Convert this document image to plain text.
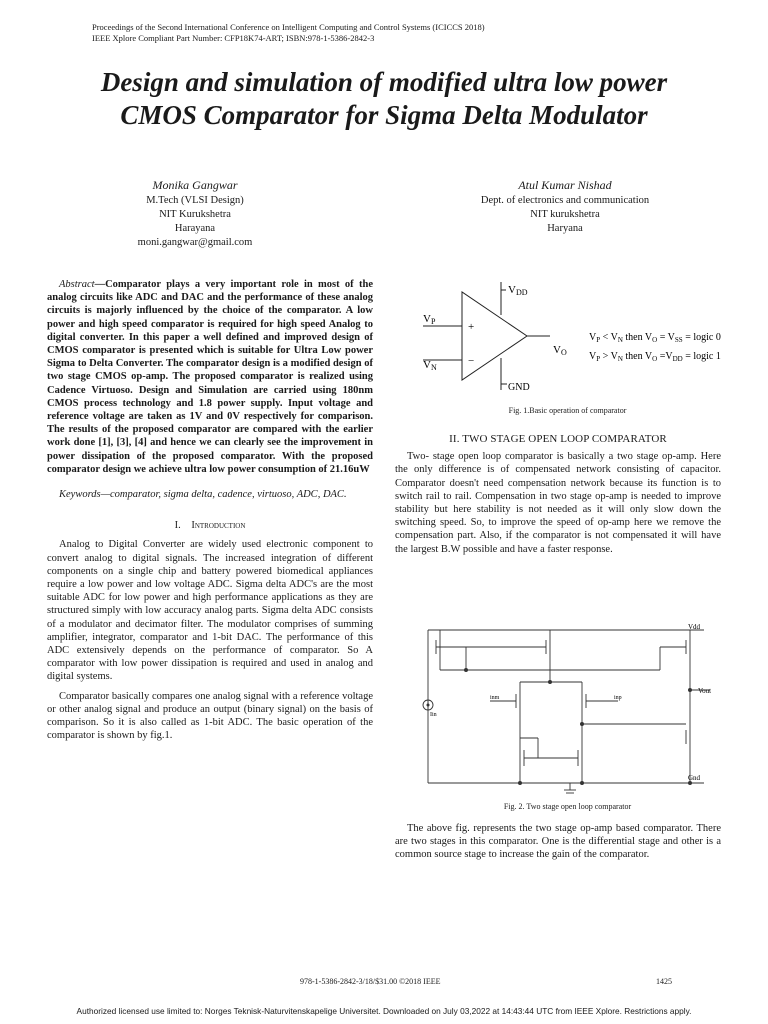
Proceedings of the Second International Conference on Intelligent Computing and Control Systems (ICICCS 2018)
IEEE Xplore Compliant Part Number: CFP18K74-ART; ISBN:978-1-5386-2842-3
Design and simulation of modified ultra low power
CMOS Comparator for Sigma Delta Modulator
Monika Gangwar
M.Tech (VLSI Design)
NIT Kurukshetra
Harayana
moni.gangwar@gmail.com
Atul Kumar Nishad
Dept. of electronics and communication
NIT kurukshetra
Haryana

Abstract—Comparator plays a very important role in most of the analog circuits like ADC and DAC and the performance of these analog circuits is majorly influenced by the choice of the comparator. A low power and high speed comparator is required for high speed Analog to digital converter. In this paper a well defined and improved design of CMOS comparator is presented which is suitable for Ultra Low power Sigma to Delta Converter. The comparator design is a modified design of two stage CMOS op-amp. The proposed comparator is realized using Cadence Virtuoso. Design and Simulation are carried using 180nm CMOS process technology and 1.8 power supply. Input voltage and reference voltage are taken as 1V and 0V respectively for comparison. The results of the proposed comparator are compared with the earlier work done [1], [3], [4] and hence we can clearly see the improvement in power dissipation of the proposed comparator. With the proposed comparator design we achieve ultra low power consumption of 21.16uW

Keywords—comparator, sigma delta, cadence, virtuoso, ADC, DAC.

I. Introduction

Analog to Digital Converter are widely used electronic component to convert analog to digital signals. The increased integration of different components on a single chip and battery powered biomedical appliances require a low power and low voltage ADC. Sigma delta ADC's are the most suitable ADC for low power and high performance applications as they are structured simply with low accuracy analog parts. Sigma delta ADC consists of a modulator and decimator filter. The modulator comprises of summing amplifier, integrator, comparator and 1-bit DAC. The performance of this ADC extensively depends on the performance of comparator. So A comparator with low power dissipation is required and used in analog and digital systems.

Comparator basically compares one analog signal with a reference voltage or other analog signal and produce an output (binary signal) on the basis of comparison. So it is also called as 1-bit ADC. The basic operation of the comparator is shown by fig.1.

VDD
VP
VN
+
−
VO
GND
$V_P < V_N$ then $V_O = V_{SS}$ = logic 0
$V_P > V_N$ then $V_O =V_{DD}$ = logic 1
Fig. 1.Basic operation of comparator
II. TWO STAGE OPEN LOOP COMPARATOR

Two- stage open loop comparator is basically a two stage op-amp. Here the only difference is of compensated network consisting of capacitor. Comparator doesn't need compensation network because its function is to switch rail to rail. Compensation in two stage op-amp is needed to improve stability but here stability is not needed as it will only slow down the switching speed. So, to improve the speed of op-amp here we remove the compensation part. Also, if the comparator is not compensated it will have the largest B.W possible and have a faster response.

Vdd
Vout
Gnd
inm	inp
Iin
Fig. 2. Two stage open loop comparator

The above fig. represents the two stage op-amp based comparator. There are two stages in this comparator. One is the differential stage and other is a common source stage to increase the gain of the comparator.

978-1-5386-2842-3/18/$31.00 ©2018 IEEE	1425
Authorized licensed use limited to: Norges Teknisk-Naturvitenskapelige Universitet. Downloaded on July 03,2022 at 14:43:44 UTC from IEEE Xplore. Restrictions apply.
